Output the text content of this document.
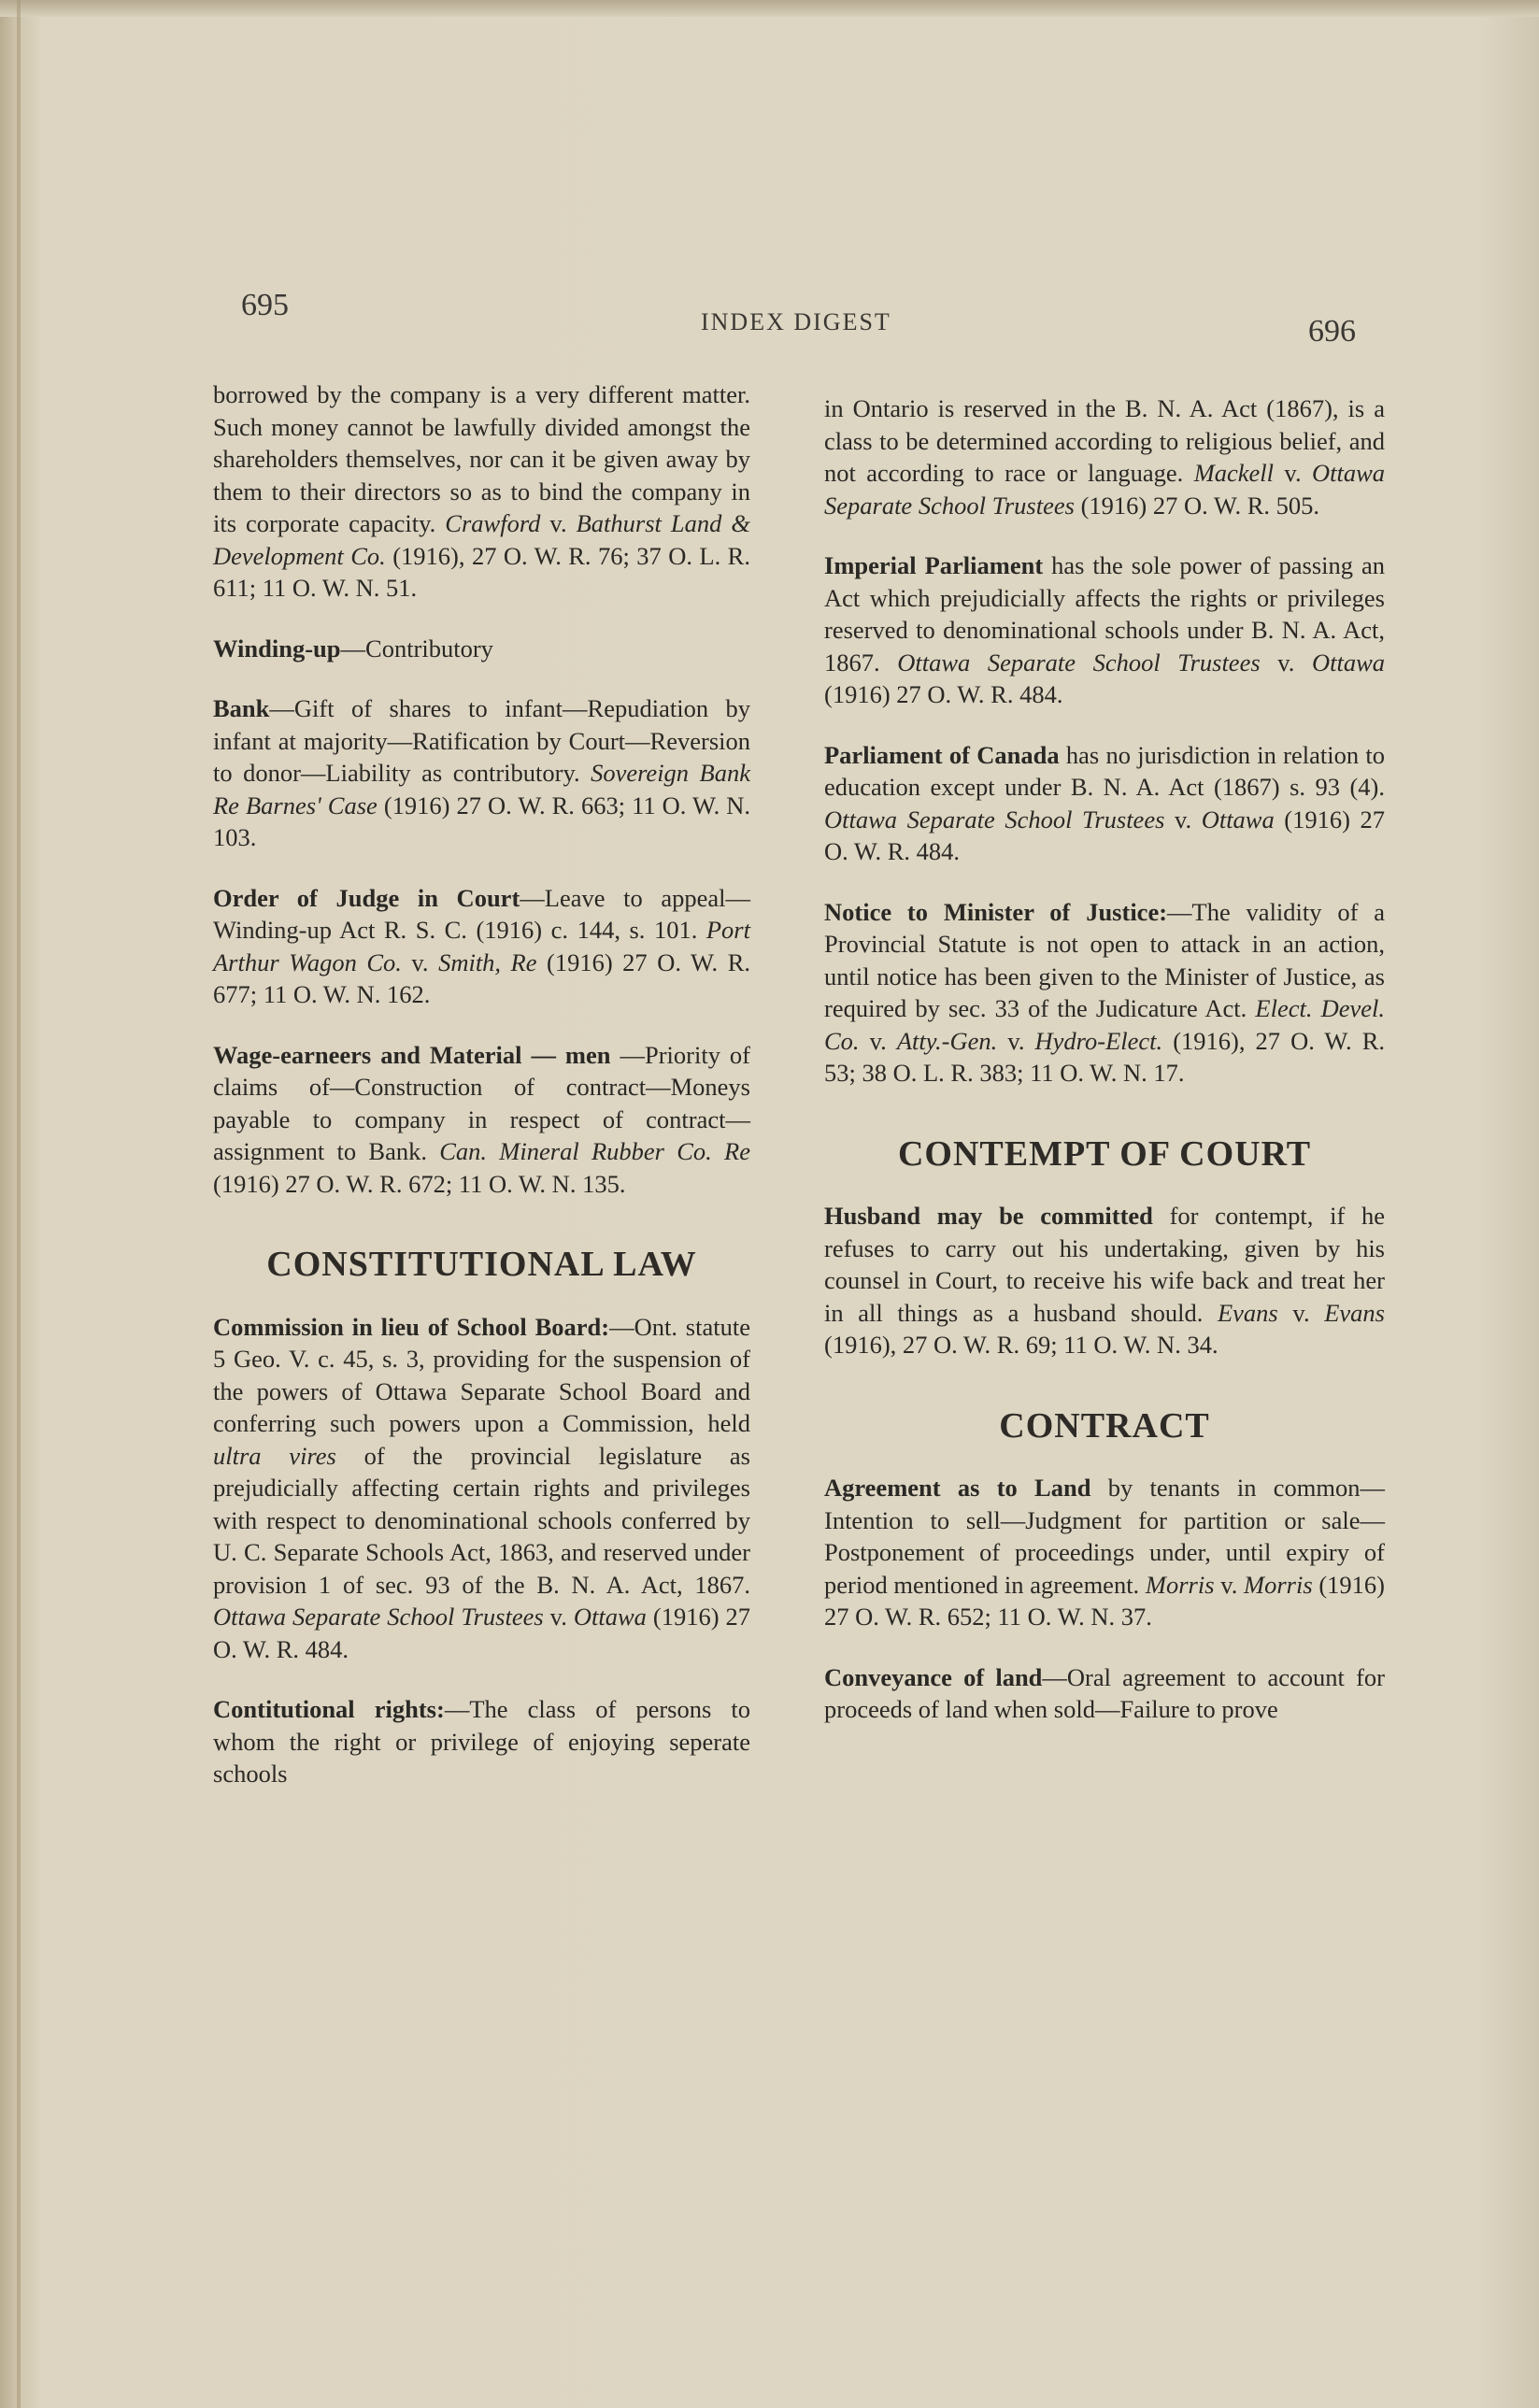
695	INDEX DIGEST	696

borrowed by the company is a very different matter. Such money cannot be lawfully divided amongst the shareholders themselves, nor can it be given away by them to their directors so as to bind the company in its corporate capacity. Crawford v. Bathurst Land & Development Co. (1916), 27 O. W. R. 76; 37 O. L. R. 611; 11 O. W. N. 51.

Winding-up—Contributory

Bank—Gift of shares to infant—Repudiation by infant at majority—Ratification by Court—Reversion to donor—Liability as contributory. Sovereign Bank Re Barnes' Case (1916) 27 O. W. R. 663; 11 O. W. N. 103.

Order of Judge in Court—Leave to appeal—Winding-up Act R. S. C. (1916) c. 144, s. 101. Port Arthur Wagon Co. v. Smith, Re (1916) 27 O. W. R. 677; 11 O. W. N. 162.

Wage-earneers and Material — men —Priority of claims of—Construction of contract—Moneys payable to company in respect of contract—assignment to Bank. Can. Mineral Rubber Co. Re (1916) 27 O. W. R. 672; 11 O. W. N. 135.

CONSTITUTIONAL LAW

Commission in lieu of School Board:—Ont. statute 5 Geo. V. c. 45, s. 3, providing for the suspension of the powers of Ottawa Separate School Board and conferring such powers upon a Commission, held ultra vires of the provincial legislature as prejudicially affecting certain rights and privileges with respect to denominational schools conferred by U. C. Separate Schools Act, 1863, and reserved under provision 1 of sec. 93 of the B. N. A. Act, 1867. Ottawa Separate School Trustees v. Ottawa (1916) 27 O. W. R. 484.

Contitutional rights:—The class of persons to whom the right or privilege of enjoying seperate schools

in Ontario is reserved in the B. N. A. Act (1867), is a class to be determined according to religious belief, and not according to race or language. Mackell v. Ottawa Separate School Trustees (1916) 27 O. W. R. 505.

Imperial Parliament has the sole power of passing an Act which prejudicially affects the rights or privileges reserved to denominational schools under B. N. A. Act, 1867. Ottawa Separate School Trustees v. Ottawa (1916) 27 O. W. R. 484.

Parliament of Canada has no jurisdiction in relation to education except under B. N. A. Act (1867) s. 93 (4). Ottawa Separate School Trustees v. Ottawa (1916) 27 O. W. R. 484.

Notice to Minister of Justice:—The validity of a Provincial Statute is not open to attack in an action, until notice has been given to the Minister of Justice, as required by sec. 33 of the Judicature Act. Elect. Devel. Co. v. Atty.-Gen. v. Hydro-Elect. (1916), 27 O. W. R. 53; 38 O. L. R. 383; 11 O. W. N. 17.

CONTEMPT OF COURT

Husband may be committed for contempt, if he refuses to carry out his undertaking, given by his counsel in Court, to receive his wife back and treat her in all things as a husband should. Evans v. Evans (1916), 27 O. W. R. 69; 11 O. W. N. 34.

CONTRACT

Agreement as to Land by tenants in common—Intention to sell—Judgment for partition or sale—Postponement of proceedings under, until expiry of period mentioned in agreement. Morris v. Morris (1916) 27 O. W. R. 652; 11 O. W. N. 37.

Conveyance of land—Oral agreement to account for proceeds of land when sold—Failure to prove
